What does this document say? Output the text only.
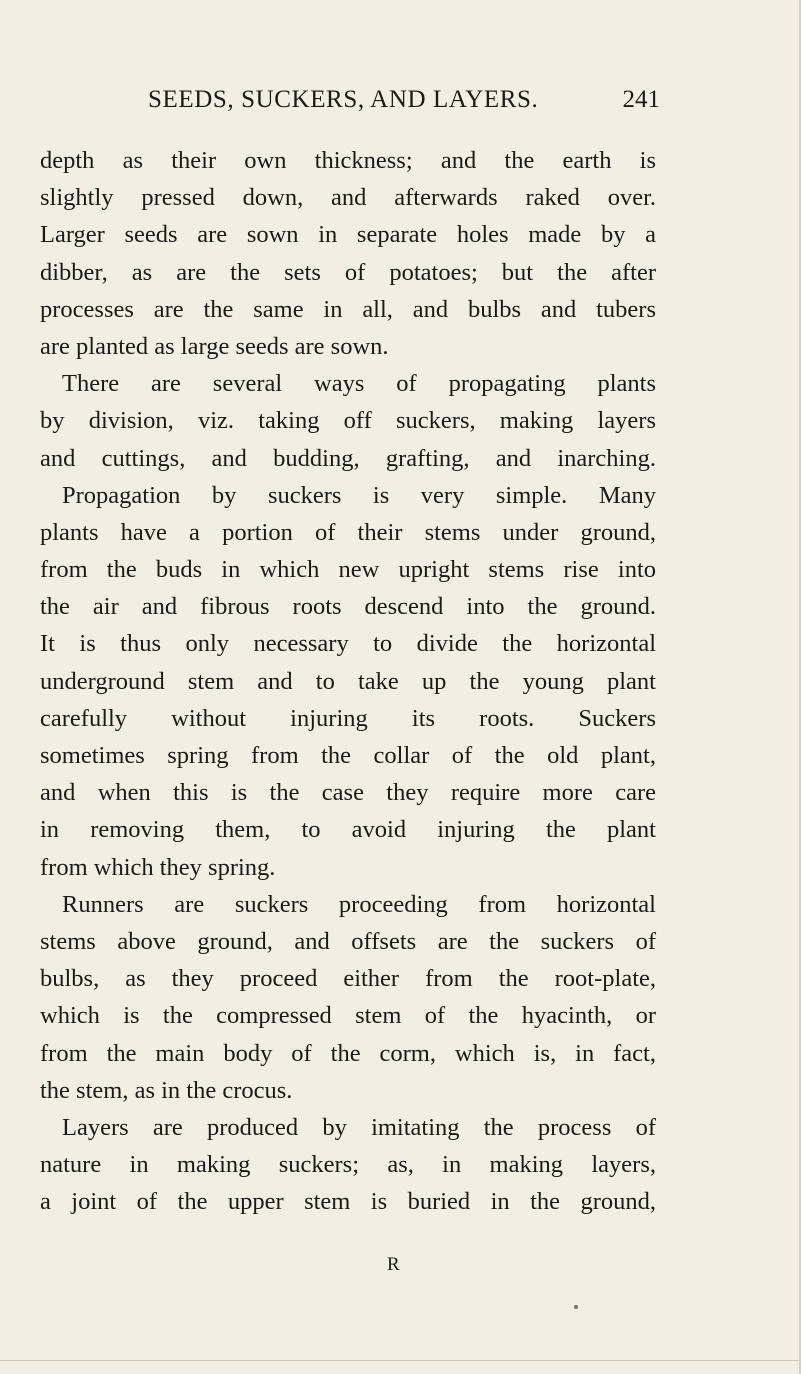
SEEDS, SUCKERS, AND LAYERS.	241
depth as their own thickness; and the earth is
slightly pressed down, and afterwards raked over.
Larger seeds are sown in separate holes made by a
dibber, as are the sets of potatoes; but the after
processes are the same in all, and bulbs and tubers
are planted as large seeds are sown.
There are several ways of propagating plants
by division, viz. taking off suckers, making layers
and cuttings, and budding, grafting, and inarching.
Propagation by suckers is very simple. Many
plants have a portion of their stems under ground,
from the buds in which new upright stems rise into
the air and fibrous roots descend into the ground.
It is thus only necessary to divide the horizontal
underground stem and to take up the young plant
carefully without injuring its roots. Suckers
sometimes spring from the collar of the old plant,
and when this is the case they require more care
in removing them, to avoid injuring the plant
from which they spring.
Runners are suckers proceeding from horizontal
stems above ground, and offsets are the suckers of
bulbs, as they proceed either from the root-plate,
which is the compressed stem of the hyacinth, or
from the main body of the corm, which is, in fact,
the stem, as in the crocus.
Layers are produced by imitating the process of
nature in making suckers; as, in making layers,
a joint of the upper stem is buried in the ground,
R
